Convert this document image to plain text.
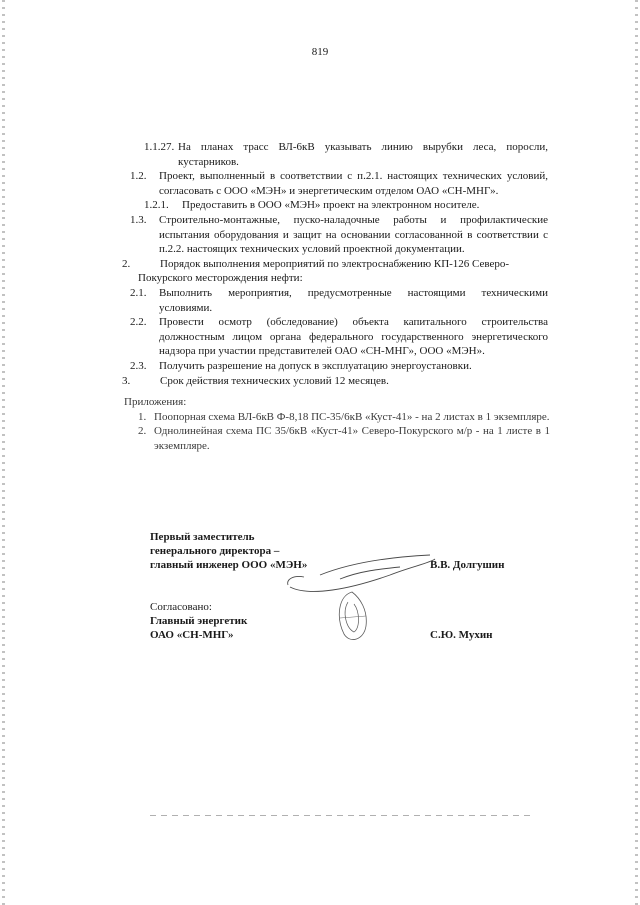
819
1.1.27. На планах трасс ВЛ-6кВ указывать линию вырубки леса, поросли, кустарников.
1.2.	Проект, выполненный в соответствии с п.2.1. настоящих технических условий, согласовать с ООО «МЭН» и энергетическим отделом ОАО «СН-МНГ».
1.2.1.	Предоставить в ООО «МЭН» проект на электронном носителе.
1.3.	Строительно-монтажные, пуско-наладочные работы и профилактические испытания оборудования и защит на основании согласованной в соответствии с п.2.2. настоящих технических условий проектной документации.
2.	Порядок выполнения мероприятий по электроснабжению КП-126 Северо-
Покурского месторождения нефти:
2.1.	Выполнить мероприятия, предусмотренные настоящими техническими условиями.
2.2.	Провести осмотр (обследование) объекта капитального строительства должностным лицом органа федерального государственного энергетического надзора при участии представителей ОАО «СН-МНГ», ООО «МЭН».
2.3.	Получить разрешение на допуск в эксплуатацию энергоустановки.
3.	Срок действия технических условий 12 месяцев.
Приложения:
1. Поопорная схема ВЛ-6кВ Ф-8,18 ПС-35/6кВ «Куст-41» - на 2 листах в 1 экземпляре.
2. Однолинейная схема ПС 35/6кВ «Куст-41» Северо-Покурского м/р - на 1 листе в 1 экземпляре.
Первый заместитель
генерального директора –
главный инженер ООО «МЭН»	В.В. Долгушин
Согласовано:
Главный энергетик
ОАО «СН-МНГ»	С.Ю. Мухин
